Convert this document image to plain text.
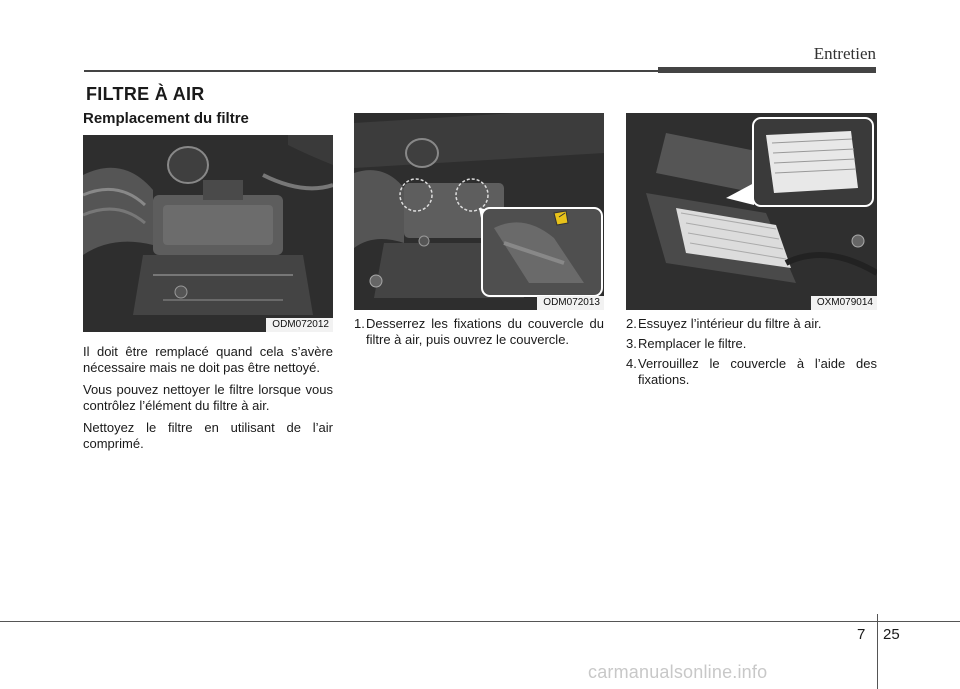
Entretien
FILTRE À AIR
Remplacement du filtre
ODM072012
ODM072013	OXM079014

Il doit être remplacé quand cela s’avère nécessaire mais ne doit pas être nettoyé.

Vous pouvez nettoyer le filtre lorsque vous contrôlez l’élément du filtre à air.

Nettoyez le filtre en utilisant de l’air comprimé.

1.Desserrez les fixations du couvercle du filtre à air, puis ouvrez le couvercle.
2.Essuyez l’intérieur du filtre à air.
3.Remplacer le filtre.
4.Verrouillez le couvercle à l’aide des fixations.
7 25
carmanualsonline.info
